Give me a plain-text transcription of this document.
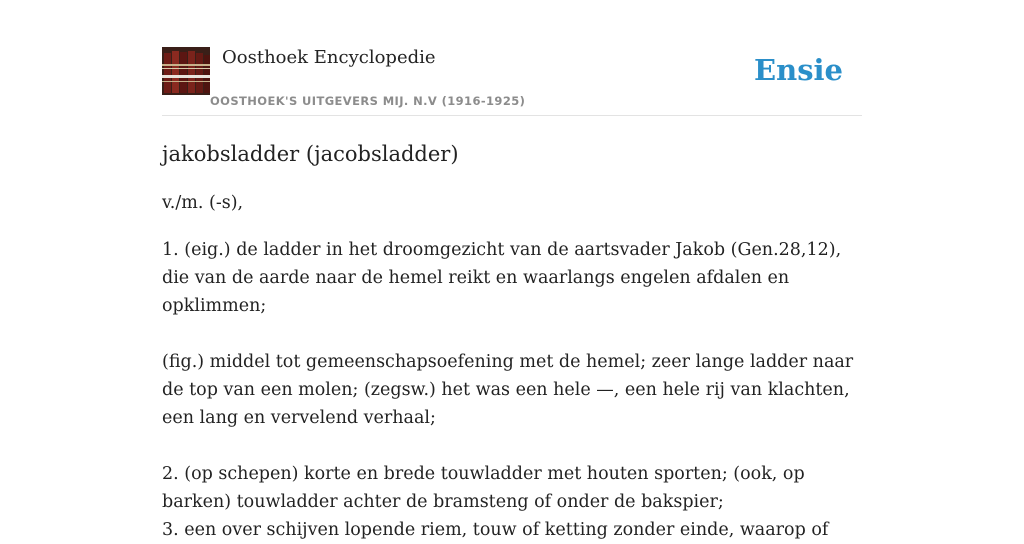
Oosthoek Encyclopedie
OOSTHOEK'S UITGEVERS MIJ. N.V (1916-1925)
Ensie
jakobsladder (jacobsladder)

v./m. (-s),

1. (eig.) de ladder in het droomgezicht van de aartsvader Jakob (Gen.28,12), die van de aarde naar de hemel reikt en waarlangs engelen afdalen en opklimmen;

(fig.) middel tot gemeenschapsoefening met de hemel; zeer lange ladder naar de top van een molen; (zegsw.) het was een hele —, een hele rij van klachten, een lang en vervelend verhaal;

2. (op schepen) korte en brede touwladder met houten sporten; (ook, op barken) touwladder achter de bramsteng of onder de bakspier;
3. een over schijven lopende riem, touw of ketting zonder einde, waarop of
